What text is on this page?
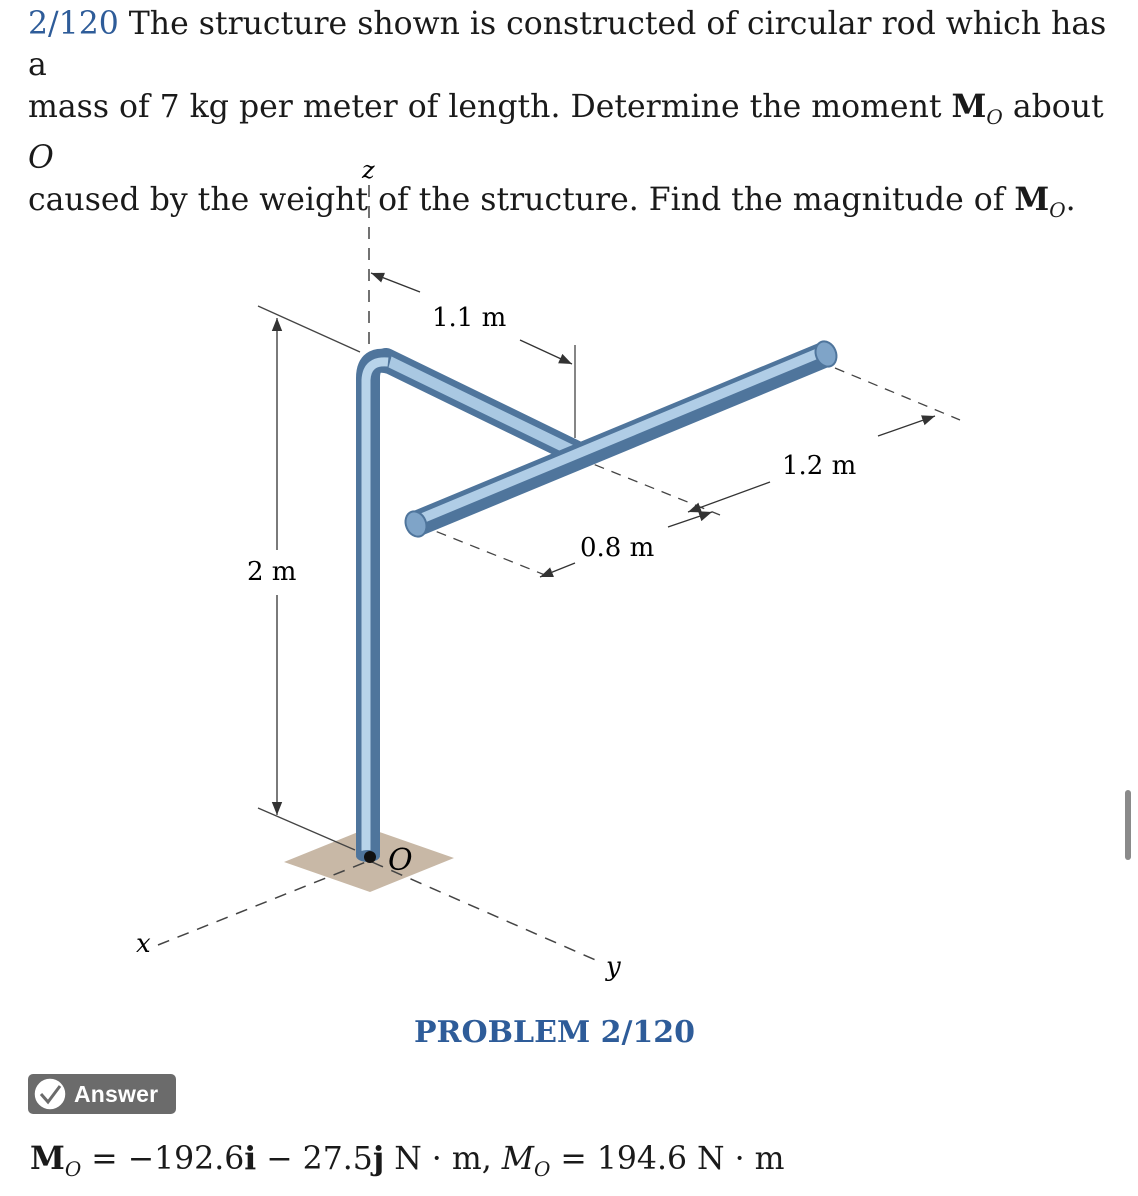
2/120 The structure shown is constructed of circular rod which has a
mass of 7 kg per meter of length. Determine the moment $M_O$ about O
caused by the weight of the structure. Find the magnitude of $M_O$.

z
x
y
2 m
1.1 m
1.2 m
0.8 m
O
PROBLEM 2/120
Answer
$M_O = -192.6i - 27.5j$ N · m, $M_O = 194.6$ N · m
